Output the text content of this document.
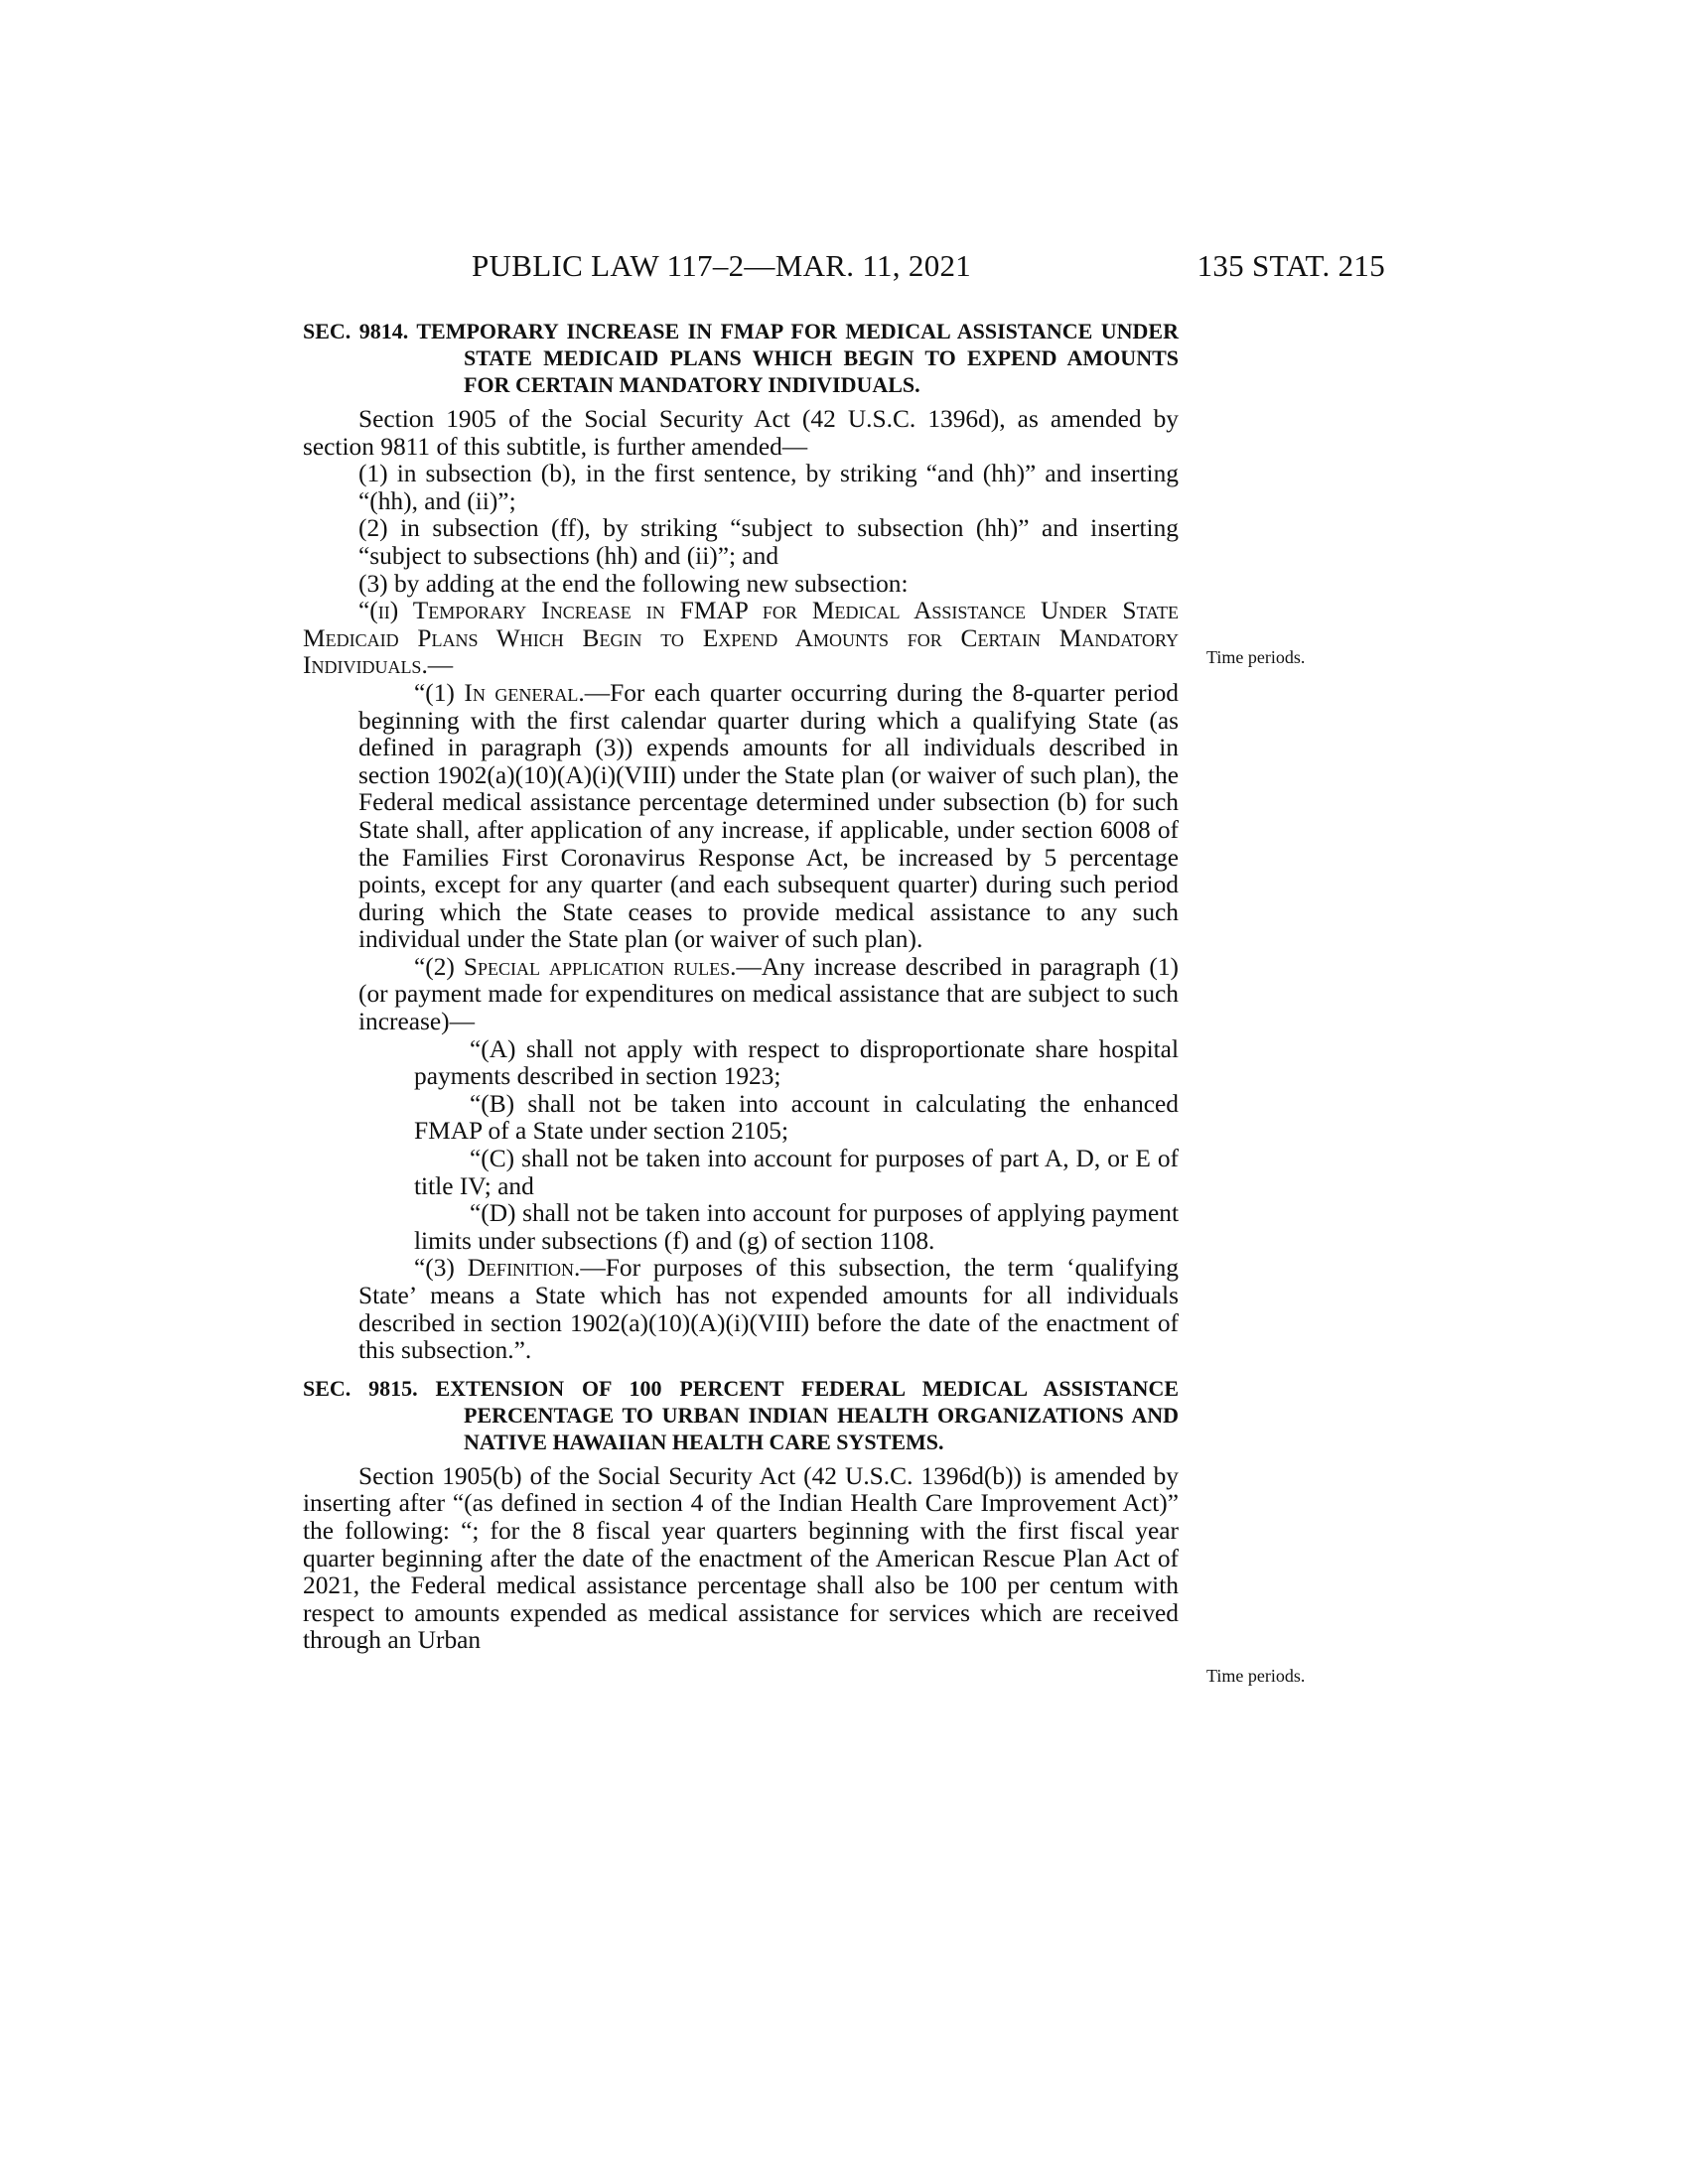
PUBLIC LAW 117–2—MAR. 11, 2021	135 STAT. 215
Time periods.
Time periods.

SEC. 9814. TEMPORARY INCREASE IN FMAP FOR MEDICAL ASSISTANCE UNDER STATE MEDICAID PLANS WHICH BEGIN TO EXPEND AMOUNTS FOR CERTAIN MANDATORY INDIVIDUALS.

Section 1905 of the Social Security Act (42 U.S.C. 1396d), as amended by section 9811 of this subtitle, is further amended—

(1) in subsection (b), in the first sentence, by striking “and (hh)” and inserting “(hh), and (ii)”;

(2) in subsection (ff), by striking “subject to subsection (hh)” and inserting “subject to subsections (hh) and (ii)”; and

(3) by adding at the end the following new subsection:

“(ii) Temporary Increase in FMAP for Medical Assistance Under State Medicaid Plans Which Begin to Expend Amounts for Certain Mandatory Individuals.—

“(1) In general.—For each quarter occurring during the 8-quarter period beginning with the first calendar quarter during which a qualifying State (as defined in paragraph (3)) expends amounts for all individuals described in section 1902(a)(10)(A)(i)(VIII) under the State plan (or waiver of such plan), the Federal medical assistance percentage determined under subsection (b) for such State shall, after application of any increase, if applicable, under section 6008 of the Families First Coronavirus Response Act, be increased by 5 percentage points, except for any quarter (and each subsequent quarter) during such period during which the State ceases to provide medical assistance to any such individual under the State plan (or waiver of such plan).

“(2) Special application rules.—Any increase described in paragraph (1) (or payment made for expenditures on medical assistance that are subject to such increase)—

“(A) shall not apply with respect to disproportionate share hospital payments described in section 1923;

“(B) shall not be taken into account in calculating the enhanced FMAP of a State under section 2105;

“(C) shall not be taken into account for purposes of part A, D, or E of title IV; and

“(D) shall not be taken into account for purposes of applying payment limits under subsections (f) and (g) of section 1108.

“(3) Definition.—For purposes of this subsection, the term ‘qualifying State’ means a State which has not expended amounts for all individuals described in section 1902(a)(10)(A)(i)(VIII) before the date of the enactment of this subsection.”.

SEC. 9815. EXTENSION OF 100 PERCENT FEDERAL MEDICAL ASSISTANCE PERCENTAGE TO URBAN INDIAN HEALTH ORGANIZATIONS AND NATIVE HAWAIIAN HEALTH CARE SYSTEMS.

Section 1905(b) of the Social Security Act (42 U.S.C. 1396d(b)) is amended by inserting after “(as defined in section 4 of the Indian Health Care Improvement Act)” the following: “; for the 8 fiscal year quarters beginning with the first fiscal year quarter beginning after the date of the enactment of the American Rescue Plan Act of 2021, the Federal medical assistance percentage shall also be 100 per centum with respect to amounts expended as medical assistance for services which are received through an Urban
